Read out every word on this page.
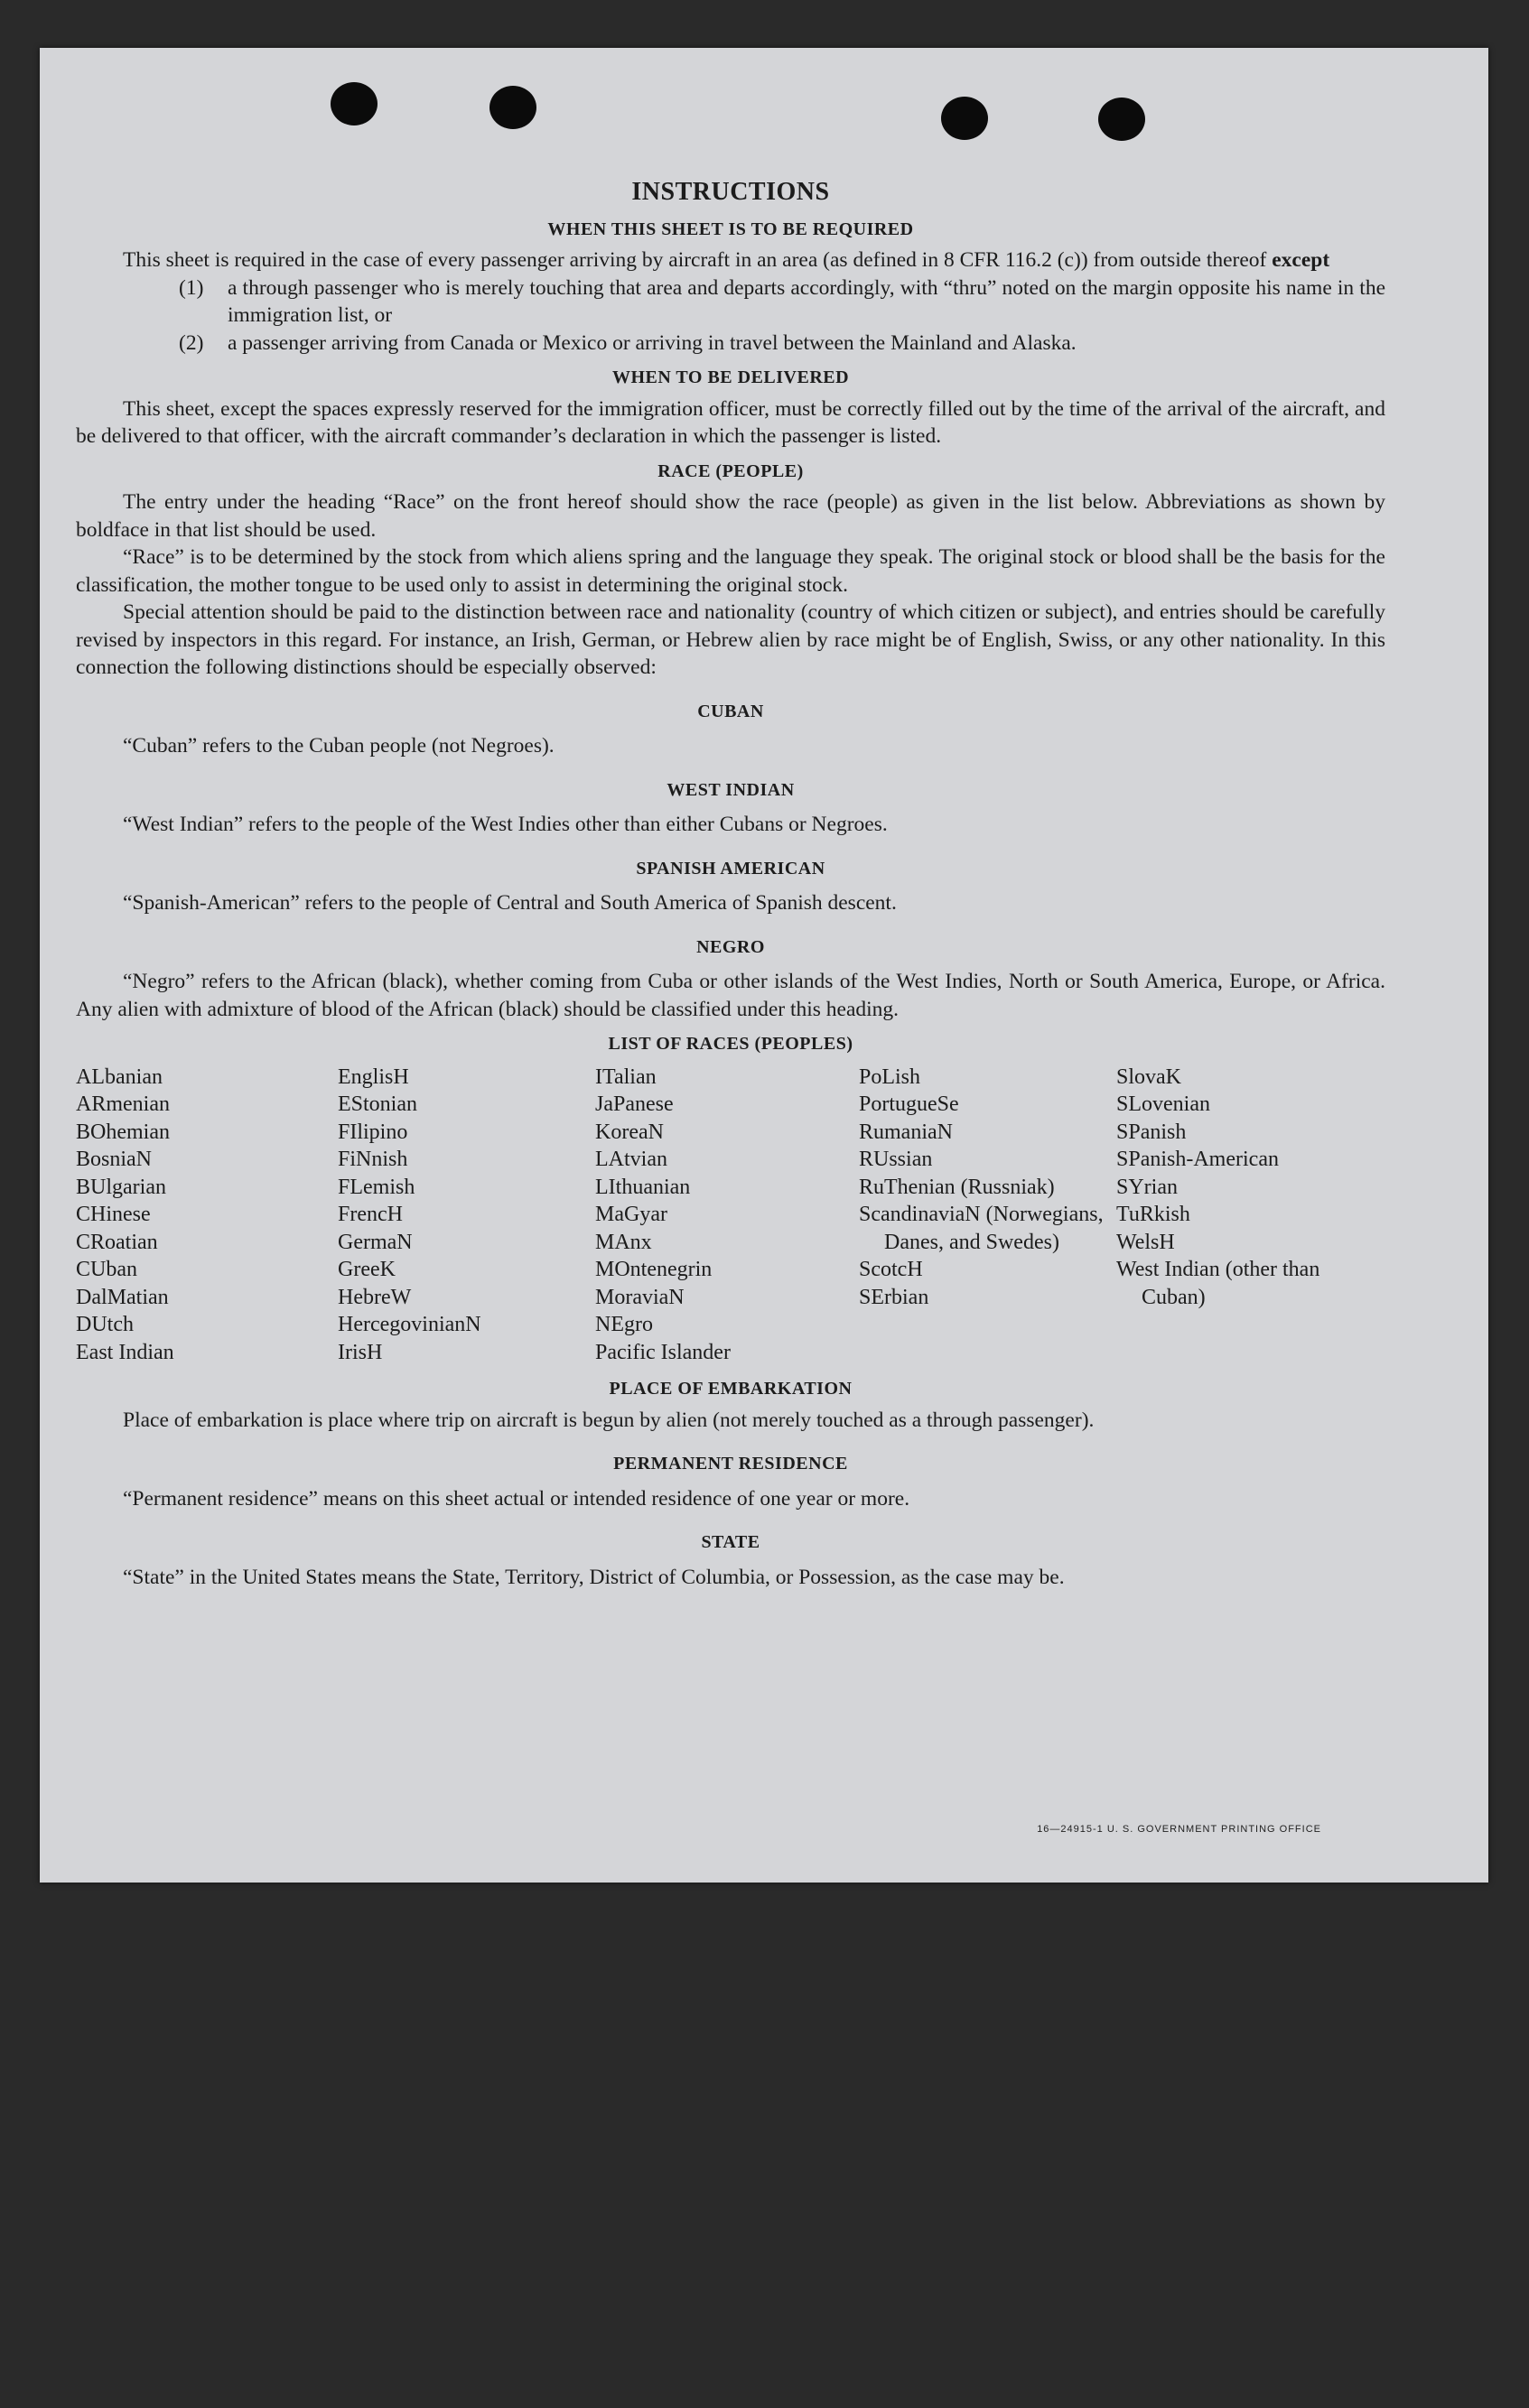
INSTRUCTIONS
WHEN THIS SHEET IS TO BE REQUIRED

This sheet is required in the case of every passenger arriving by aircraft in an area (as defined in 8 CFR 116.2 (c)) from outside thereof except

(1)	a through passenger who is merely touching that area and departs accordingly, with “thru” noted on the margin opposite his name in the immigration list, or
(2)	a passenger arriving from Canada or Mexico or arriving in travel between the Mainland and Alaska.
WHEN TO BE DELIVERED

This sheet, except the spaces expressly reserved for the immigration officer, must be correctly filled out by the time of the arrival of the aircraft, and be delivered to that officer, with the aircraft commander’s declaration in which the passenger is listed.

RACE (PEOPLE)

The entry under the heading “Race” on the front hereof should show the race (people) as given in the list below. Abbreviations as shown by boldface in that list should be used.

“Race” is to be determined by the stock from which aliens spring and the language they speak. The original stock or blood shall be the basis for the classification, the mother tongue to be used only to assist in determining the original stock.

Special attention should be paid to the distinction between race and nationality (country of which citizen or subject), and entries should be carefully revised by inspectors in this regard. For instance, an Irish, German, or Hebrew alien by race might be of English, Swiss, or any other nationality. In this connection the following distinctions should be especially observed:

CUBAN

“Cuban” refers to the Cuban people (not Negroes).

WEST INDIAN

“West Indian” refers to the people of the West Indies other than either Cubans or Negroes.

SPANISH AMERICAN

“Spanish-American” refers to the people of Central and South America of Spanish descent.

NEGRO

“Negro” refers to the African (black), whether coming from Cuba or other islands of the West Indies, North or South America, Europe, or Africa. Any alien with admixture of blood of the African (black) should be classified under this heading.

LIST OF RACES (PEOPLES)
ALbanian
ARmenian
BOhemian
BosniaN
BUlgarian
CHinese
CRoatian
CUban
DalMatian
DUtch
East Indian
EnglisH
EStonian
FIlipino
FiNnish
FLemish
FrencH
GermaN
GreeK
HebreW
HercegovinianN
IrisH
ITalian
JaPanese
KoreaN
LAtvian
LIthuanian
MaGyar
MAnx
MOntenegrin
MoraviaN
NEgro
Pacific Islander
PoLish
PortugueSe
RumaniaN
RUssian
RuThenian (Russniak)
ScandinaviaN (Norwegians, Danes, and Swedes)
ScotcH
SErbian
SlovaK
SLovenian
SPanish
SPanish-American
SYrian
TuRkish
WelsH
West Indian (other than Cuban)
PLACE OF EMBARKATION

Place of embarkation is place where trip on aircraft is begun by alien (not merely touched as a through passenger).

PERMANENT RESIDENCE

“Permanent residence” means on this sheet actual or intended residence of one year or more.

STATE

“State” in the United States means the State, Territory, District of Columbia, or Possession, as the case may be.

16—24915-1 U. S. GOVERNMENT PRINTING OFFICE
